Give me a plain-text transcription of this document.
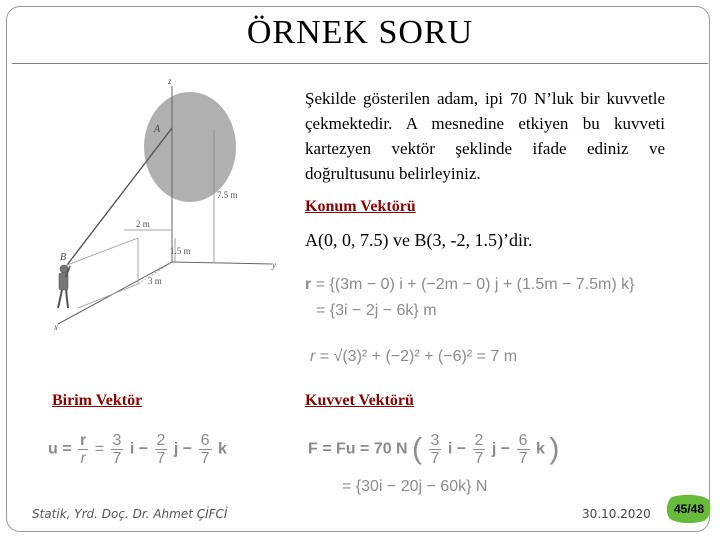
ÖRNEK SORU
z
y
x
A
7.5 m
2 m
1.5 m
3 m
B
Şekilde gösterilen adam, ipi 70 N’luk bir kuvvetle çekmektedir. A mesnedine etkiyen bu kuvveti kartezyen vektör şeklinde ifade ediniz ve doğrultusunu belirleyiniz.
Konum Vektörü
A(0, 0, 7.5) ve B(3, -2, 1.5)’dir.
r = {(3m − 0) i + (−2m − 0) j + (1.5m − 7.5m) k}
= {3i − 2j − 6k} m
r = √(3)² + (−2)² + (−6)² = 7 m
Birim Vektör	Kuvvet Vektörü
$u = \frac{r}{r} = \frac{3}{7}$ $i - \frac{2}{7}$ $j - \frac{6}{7}$ k	F = Fu = 70 N ( $\frac{3}{7}$ $i - \frac{2}{7}$ $j - \frac{6}{7}$ k )
= {30i − 20j − 60k} N
Statik, Yrd. Doç. Dr. Ahmet ÇİFCİ	30.10.2020	45/48
